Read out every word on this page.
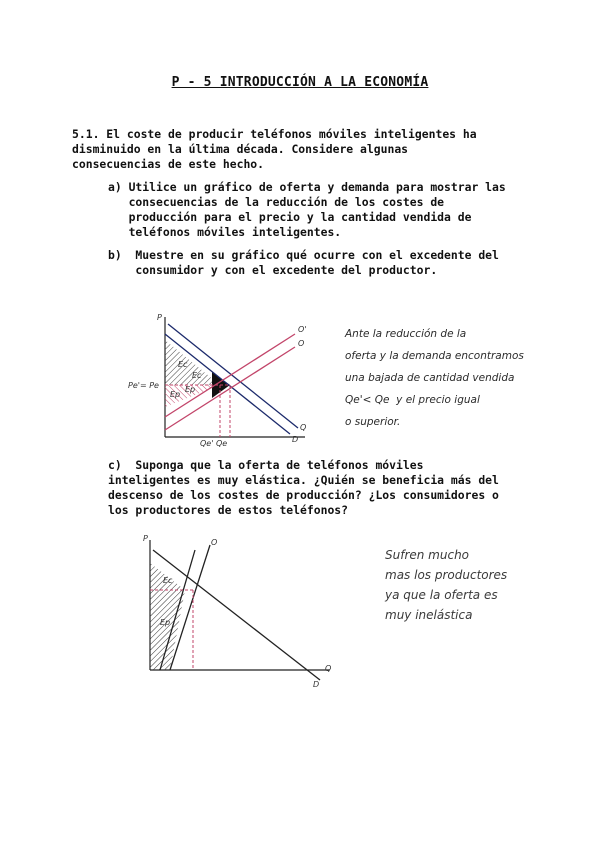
P - 5 INTRODUCCIÓN A LA ECONOMÍA
5.1. El coste de producir teléfonos móviles inteligentes ha
disminuido en la última década. Considere algunas
consecuencias de este hecho.
a) Utilice un gráfico de oferta y demanda para mostrar las
consecuencias de la reducción de los costes de
producción para el precio y la cantidad vendida de
teléfonos móviles inteligentes.
b)  Muestre en su gráfico qué ocurre con el excedente del
consumidor y con el excedente del productor.
P
O'
O
Q
D
Pe'= Pe
Qe' Qe
Ec
Ec
Ep
Ep
Ante la reducción de la
oferta y la demanda encontramos
una bajada de cantidad vendida
Qe'< Qe  y el precio igual
o superior.
c)  Suponga que la oferta de teléfonos móviles
inteligentes es muy elástica. ¿Quién se beneficia más del
descenso de los costes de producción? ¿Los consumidores o
los productores de estos teléfonos?
P	O
Q
D
Ec
Ep
Sufren mucho
mas los productores
ya que la oferta es
muy inelástica
